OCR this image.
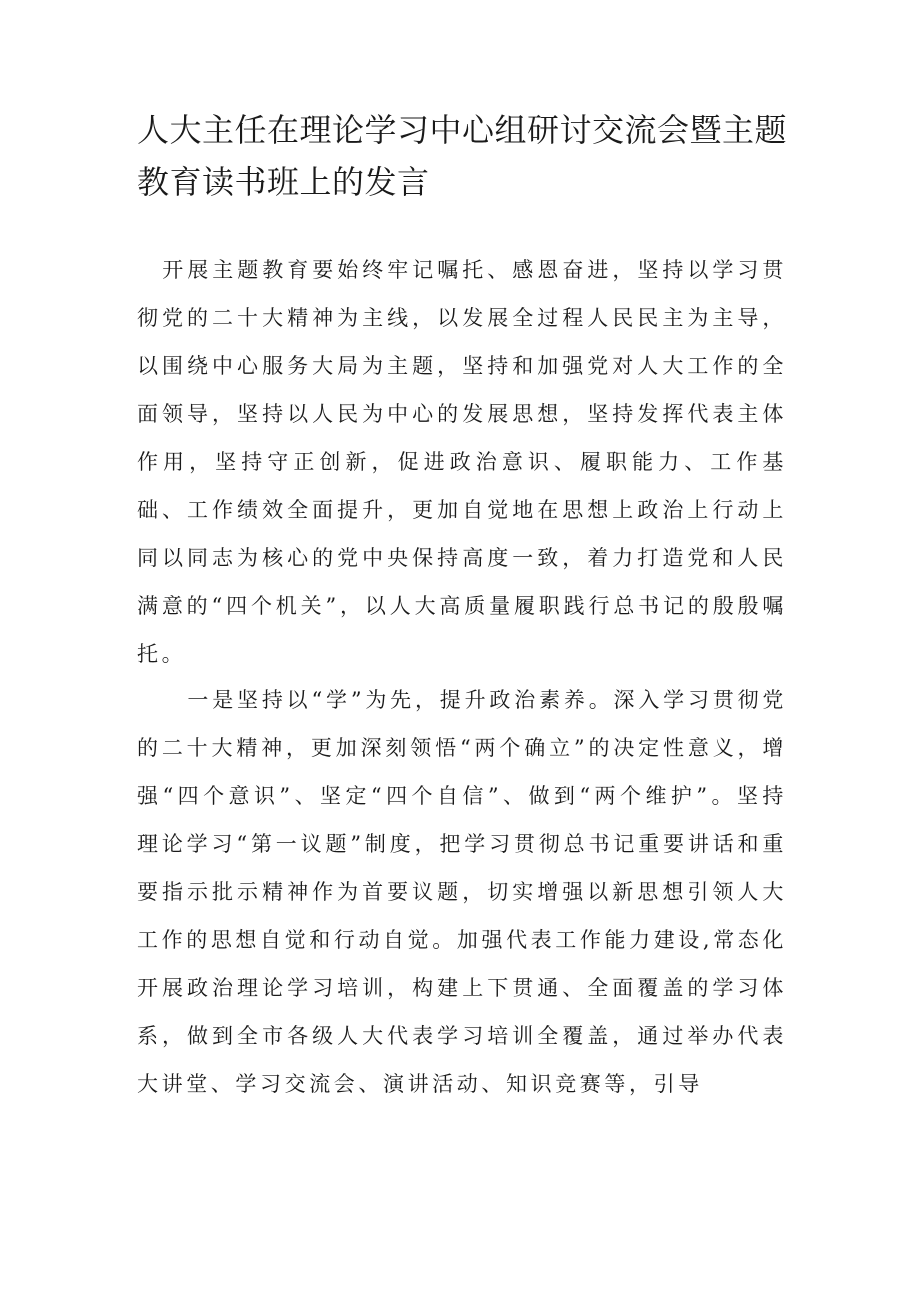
人大主任在理论学习中心组研讨交流会暨主题教育读书班上的发言

开展主题教育要始终牢记嘱托、感恩奋进，坚持以学习贯彻党的二十大精神为主线，以发展全过程人民民主为主导，以围绕中心服务大局为主题，坚持和加强党对人大工作的全面领导，坚持以人民为中心的发展思想，坚持发挥代表主体作用，坚持守正创新，促进政治意识、履职能力、工作基础、工作绩效全面提升，更加自觉地在思想上政治上行动上同以同志为核心的党中央保持高度一致，着力打造党和人民满意的“四个机关”，以人大高质量履职践行总书记的殷殷嘱托。

一是坚持以“学”为先，提升政治素养。深入学习贯彻党的二十大精神，更加深刻领悟“两个确立”的决定性意义，增强“四个意识”、坚定“四个自信”、做到“两个维护”。坚持理论学习“第一议题”制度，把学习贯彻总书记重要讲话和重要指示批示精神作为首要议题，切实增强以新思想引领人大工作的思想自觉和行动自觉。加强代表工作能力建设,常态化开展政治理论学习培训，构建上下贯通、全面覆盖的学习体系，做到全市各级人大代表学习培训全覆盖，通过举办代表大讲堂、学习交流会、演讲活动、知识竞赛等，引导
